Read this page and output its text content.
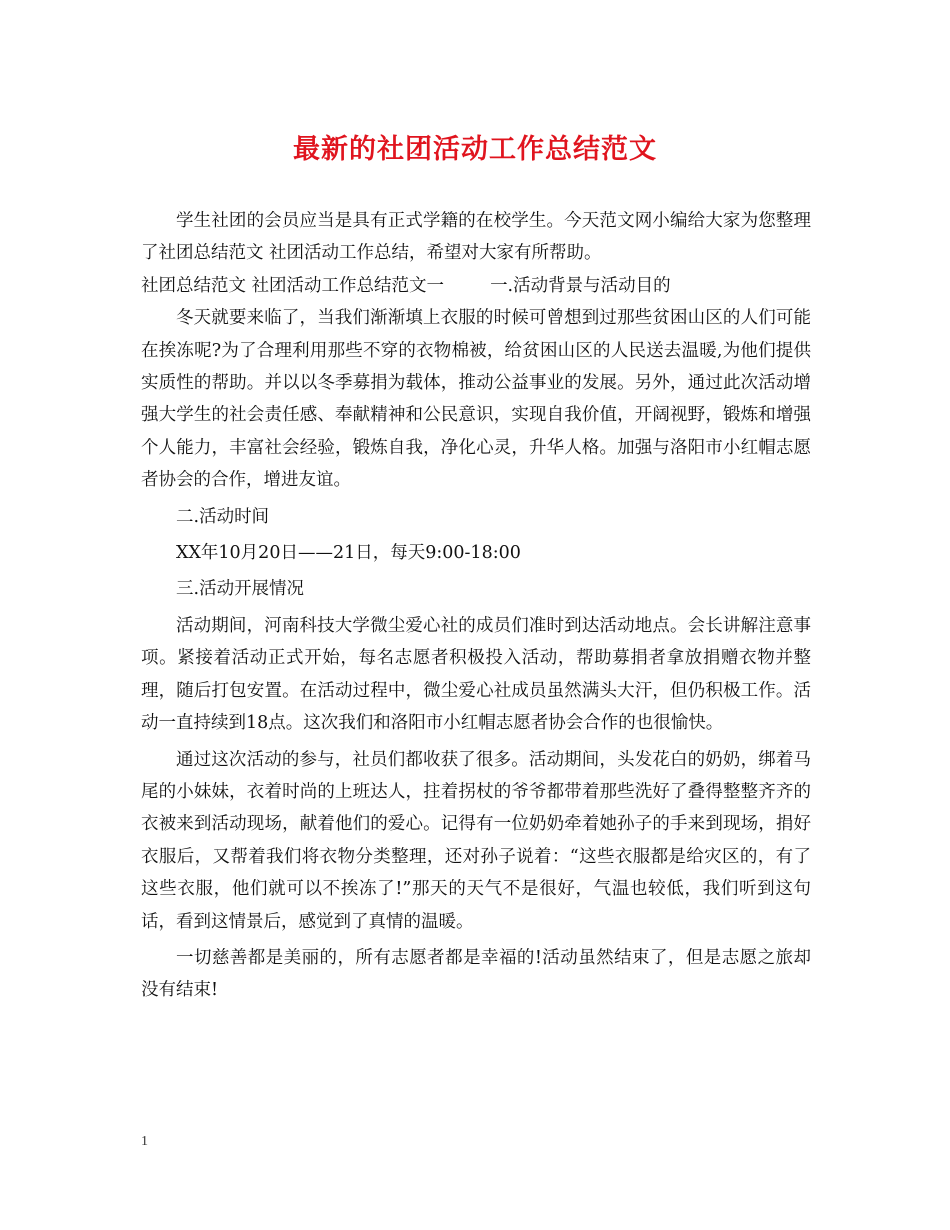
最新的社团活动工作总结范文

学生社团的会员应当是具有正式学籍的在校学生。今天范文网小编给大家为您整理了社团总结范文 社团活动工作总结，希望对大家有所帮助。

社团总结范文 社团活动工作总结范文一	一.活动背景与活动目的

冬天就要来临了，当我们渐渐填上衣服的时候可曾想到过那些贫困山区的人们可能在挨冻呢?为了合理利用那些不穿的衣物棉被，给贫困山区的人民送去温暖,为他们提供实质性的帮助。并以以冬季募捐为载体，推动公益事业的发展。另外，通过此次活动增强大学生的社会责任感、奉献精神和公民意识，实现自我价值，开阔视野，锻炼和增强个人能力，丰富社会经验，锻炼自我，净化心灵，升华人格。加强与洛阳市小红帽志愿者协会的合作，增进友谊。

二.活动时间

XX年10月20日——21日，每天9:00-18:00

三.活动开展情况

活动期间，河南科技大学微尘爱心社的成员们准时到达活动地点。会长讲解注意事项。紧接着活动正式开始，每名志愿者积极投入活动，帮助募捐者拿放捐赠衣物并整理，随后打包安置。在活动过程中，微尘爱心社成员虽然满头大汗，但仍积极工作。活动一直持续到18点。这次我们和洛阳市小红帽志愿者协会合作的也很愉快。

通过这次活动的参与，社员们都收获了很多。活动期间，头发花白的奶奶，绑着马尾的小妹妹，衣着时尚的上班达人，拄着拐杖的爷爷都带着那些洗好了叠得整整齐齐的衣被来到活动现场，献着他们的爱心。记得有一位奶奶牵着她孙子的手来到现场，捐好衣服后，又帮着我们将衣物分类整理，还对孙子说着：“这些衣服都是给灾区的，有了这些衣服，他们就可以不挨冻了!”那天的天气不是很好，气温也较低，我们听到这句话，看到这情景后，感觉到了真情的温暖。

一切慈善都是美丽的，所有志愿者都是幸福的!活动虽然结束了，但是志愿之旅却没有结束!

1
